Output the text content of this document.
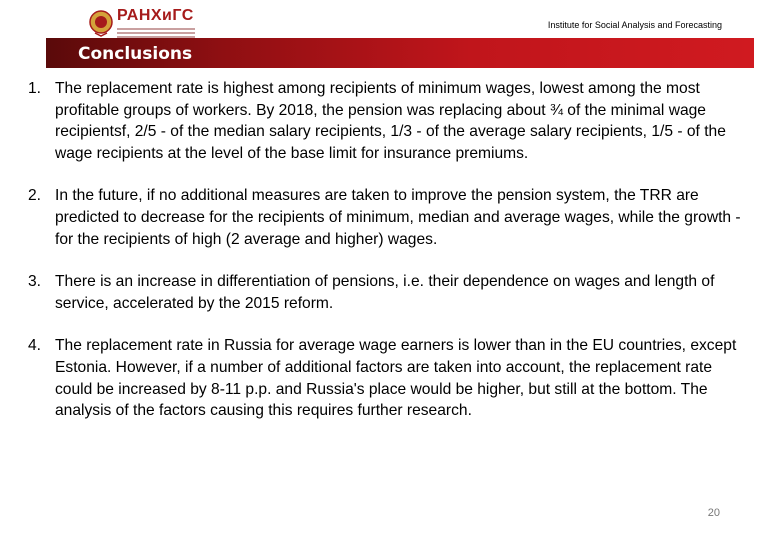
РАНХиГС
Institute for Social Analysis and Forecasting
Conclusions
1. The replacement rate is highest among recipients of minimum wages, lowest among the most profitable groups of workers. By 2018, the pension was replacing about ¾ of the minimal wage recipientsf, 2/5 - of the median salary recipients, 1/3 - of the average salary recipients, 1/5 - of the wage recipients at the level of the base limit for insurance premiums.
2. In the future, if no additional measures are taken to improve the pension system, the TRR are predicted to decrease for the recipients of minimum, median and average wages, while the growth - for the recipients of high (2 average and higher) wages.
3. There is an increase in differentiation of pensions, i.e. their dependence on wages and length of service, accelerated by the 2015 reform.
4. The replacement rate in Russia for average wage earners is lower than in the EU countries, except Estonia. However, if a number of additional factors are taken into account, the replacement rate could be increased by 8-11 p.p. and Russia's place would be higher, but still at the bottom. The analysis of the factors causing this requires further research.
20
